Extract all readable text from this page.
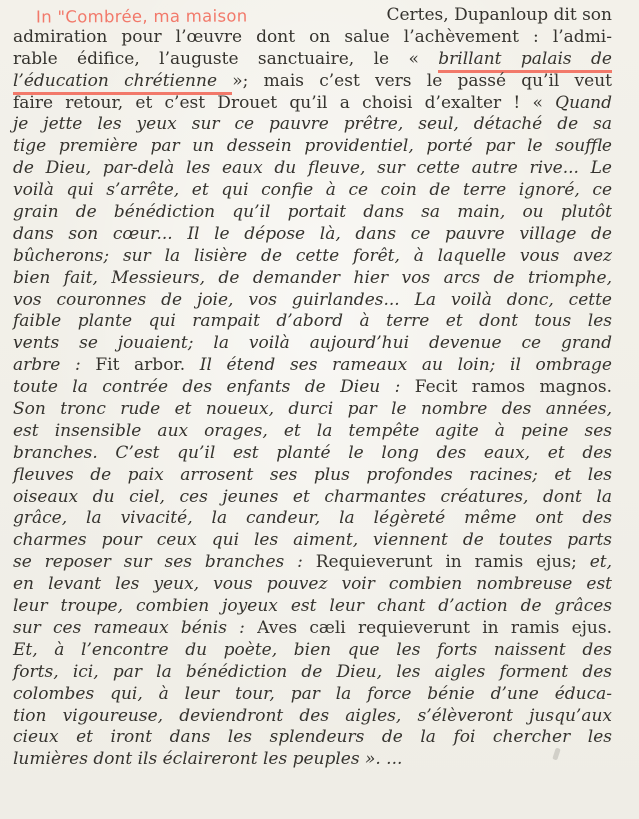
In "Combrée, ma maison	Certes, Dupanloup dit son
admiration pour l’œuvre dont on salue l’achèvement : l’admi-
rable édifice, l’auguste sanctuaire, le « brillant palais de
l’éducation chrétienne »; mais c’est vers le passé qu’il veut
faire retour, et c’est Drouet qu’il a choisi d’exalter ! « Quand
je jette les yeux sur ce pauvre prêtre, seul, détaché de sa
tige première par un dessein providentiel, porté par le souffle
de Dieu, par-delà les eaux du fleuve, sur cette autre rive... Le
voilà qui s’arrête, et qui confie à ce coin de terre ignoré, ce
grain de bénédiction qu’il portait dans sa main, ou plutôt
dans son cœur... Il le dépose là, dans ce pauvre village de
bûcherons; sur la lisière de cette forêt, à laquelle vous avez
bien fait, Messieurs, de demander hier vos arcs de triomphe,
vos couronnes de joie, vos guirlandes... La voilà donc, cette
faible plante qui rampait d’abord à terre et dont tous les
vents se jouaient; la voilà aujourd’hui devenue ce grand
arbre : Fit arbor. Il étend ses rameaux au loin; il ombrage
toute la contrée des enfants de Dieu : Fecit ramos magnos.
Son tronc rude et noueux, durci par le nombre des années,
est insensible aux orages, et la tempête agite à peine ses
branches. C’est qu’il est planté le long des eaux, et des
fleuves de paix arrosent ses plus profondes racines; et les
oiseaux du ciel, ces jeunes et charmantes créatures, dont la
grâce, la vivacité, la candeur, la légèreté même ont des
charmes pour ceux qui les aiment, viennent de toutes parts
se reposer sur ses branches : Requieverunt in ramis ejus; et,
en levant les yeux, vous pouvez voir combien nombreuse est
leur troupe, combien joyeux est leur chant d’action de grâces
sur ces rameaux bénis : Aves cæli requieverunt in ramis ejus.
Et, à l’encontre du poète, bien que les forts naissent des
forts, ici, par la bénédiction de Dieu, les aigles forment des
colombes qui, à leur tour, par la force bénie d’une éduca-
tion vigoureuse, deviendront des aigles, s’élèveront jusqu’aux
cieux et iront dans les splendeurs de la foi chercher les
lumières dont ils éclaireront les peuples ». ...
